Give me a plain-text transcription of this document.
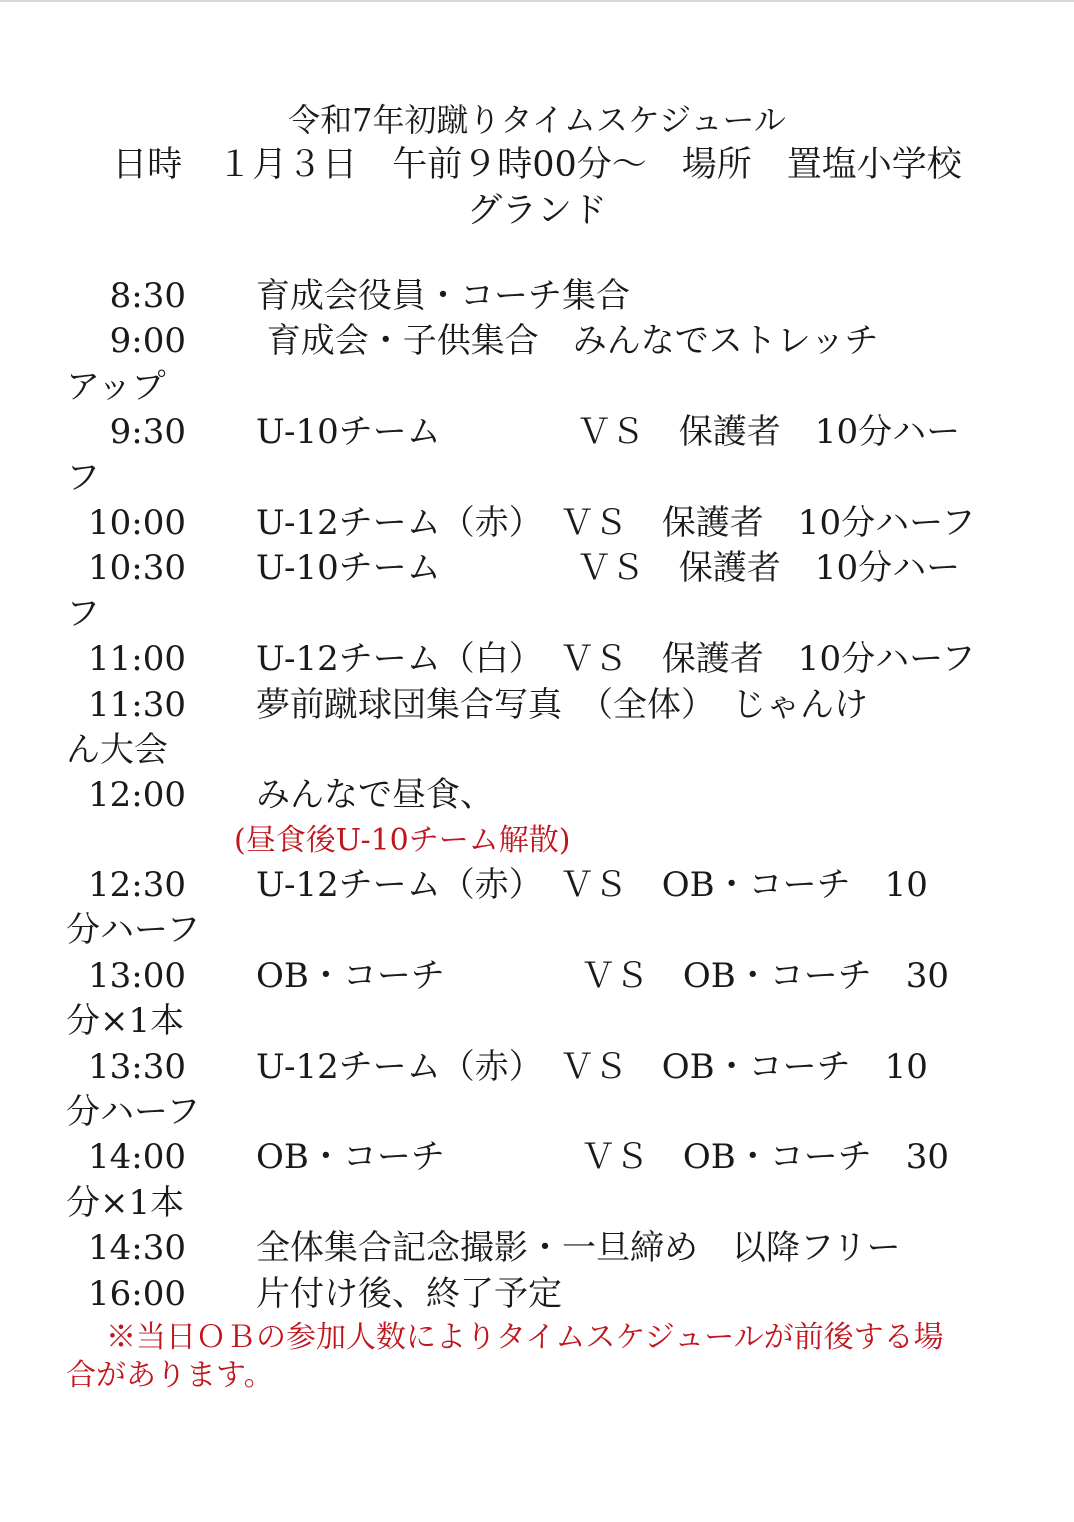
令和7年初蹴りタイムスケジュール
日時　１月３日　午前９時00分～　場所　置塩小学校
グランド
8:30 育成会役員・コーチ集合
9:00 育成会・子供集合　みんなでストレッチ
アップ
9:30 U-10チーム　　　　ＶＳ　保護者　10分ハー
フ
10:00 U-12チーム（赤）　ＶＳ　保護者　10分ハーフ
10:30 U-10チーム　　　　ＶＳ　保護者　10分ハー
フ
11:00 U-12チーム（白）　ＶＳ　保護者　10分ハーフ
11:30 夢前蹴球団集合写真　（全体）　じゃんけ
ん大会
12:00 みんなで昼食、
(昼食後U-10チーム解散)
12:30 U-12チーム（赤）　ＶＳ　OB・コーチ　10
分ハーフ
13:00 OB・コーチ　　　　ＶＳ　OB・コーチ　30
分×1本
13:30 U-12チーム（赤）　ＶＳ　OB・コーチ　10
分ハーフ
14:00 OB・コーチ　　　　ＶＳ　OB・コーチ　30
分×1本
14:30 全体集合記念撮影・一旦締め　以降フリー
16:00 片付け後、終了予定
※当日ＯＢの参加人数によりタイムスケジュールが前後する場
合があります。
